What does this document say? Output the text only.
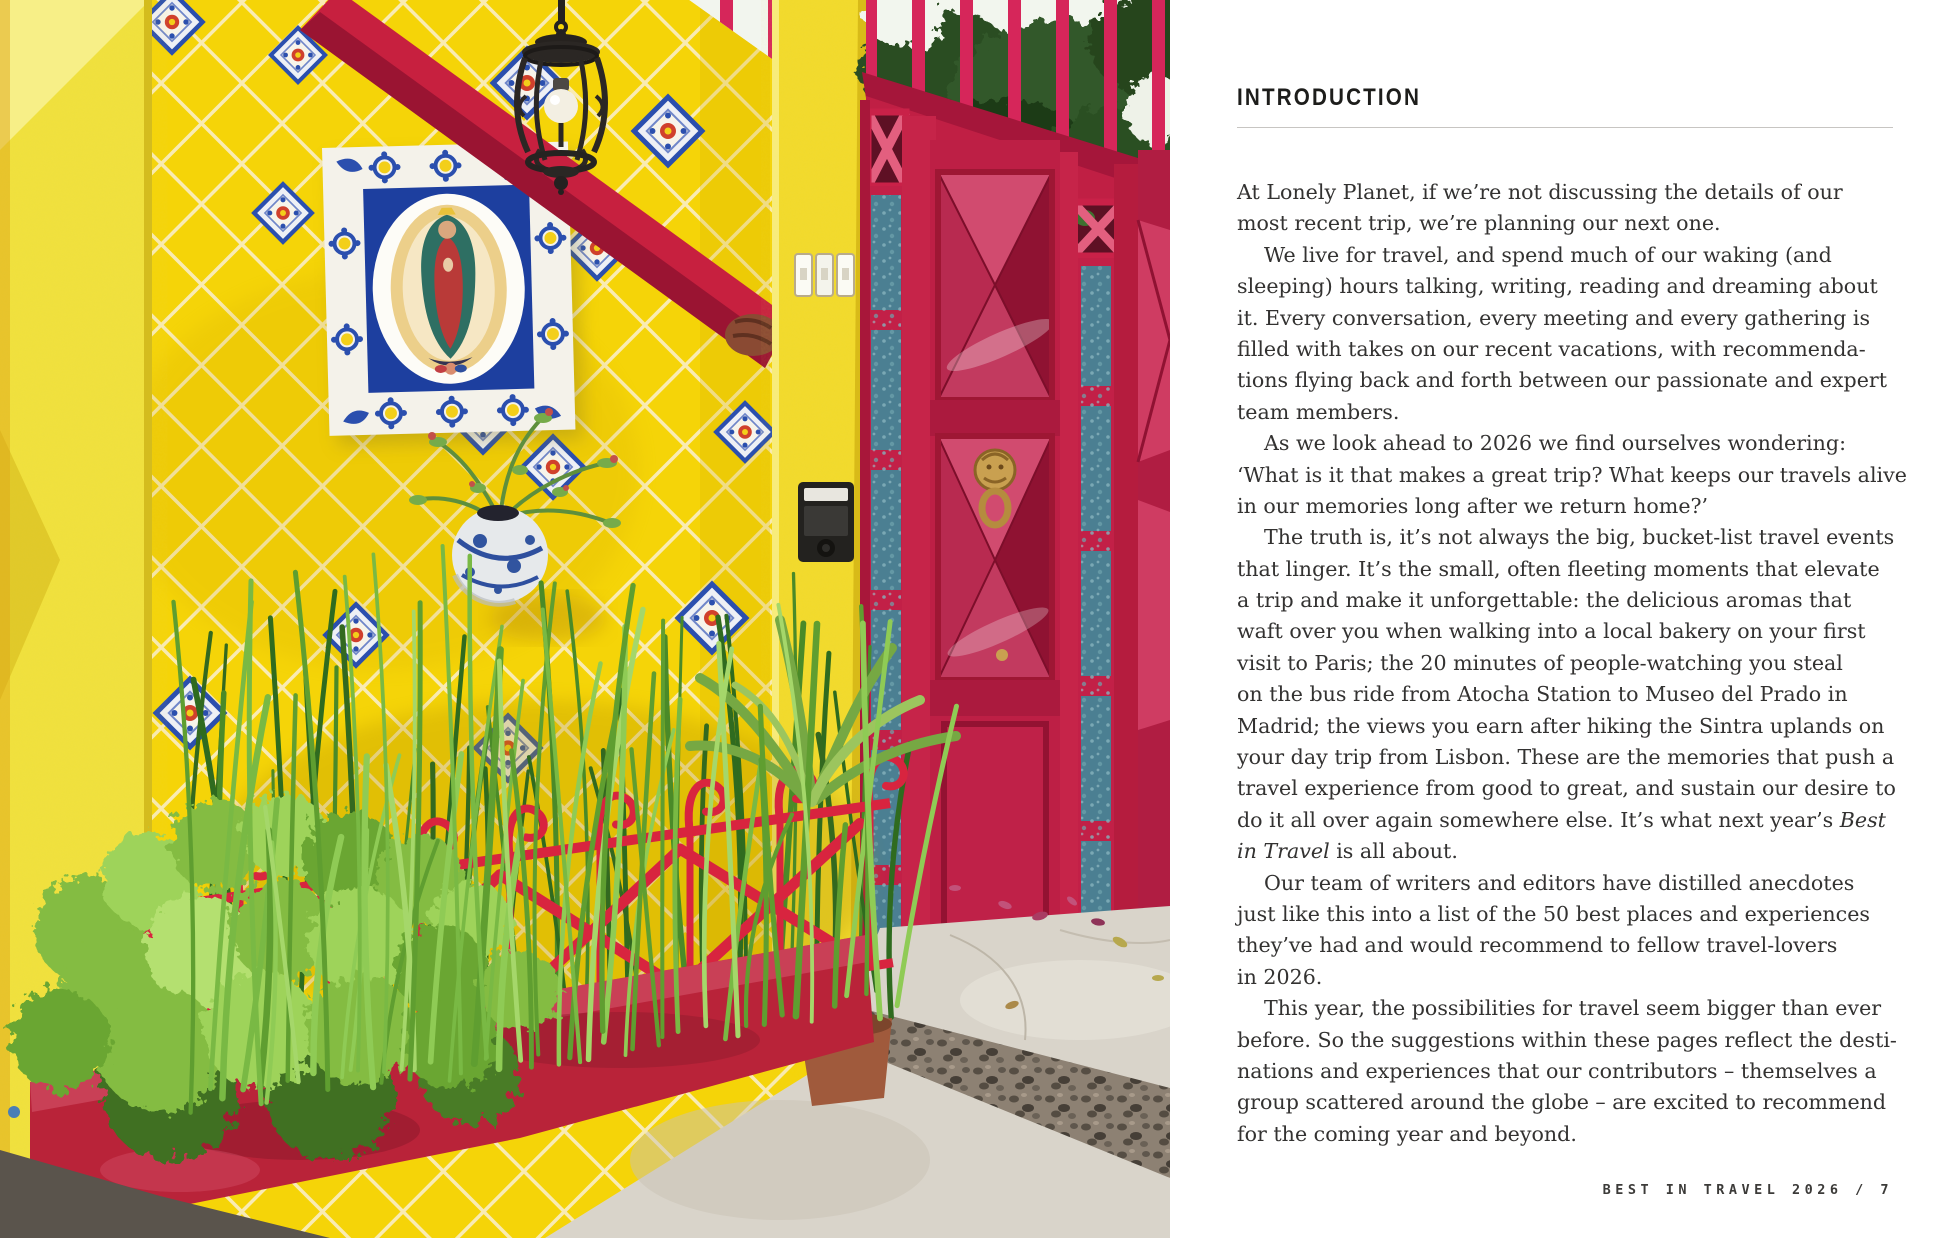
INTRODUCTION
At Lonely Planet, if we’re not discussing the details of our
most recent trip, we’re planning our next one.
We live for travel, and spend much of our waking (and
sleeping) hours talking, writing, reading and dreaming about
it. Every conversation, every meeting and every gathering is
filled with takes on our recent vacations, with recommenda-
tions flying back and forth between our passionate and expert
team members.
As we look ahead to 2026 we find ourselves wondering:
‘What is it that makes a great trip? What keeps our travels alive
in our memories long after we return home?’
The truth is, it’s not always the big, bucket-list travel events
that linger. It’s the small, often fleeting moments that elevate
a trip and make it unforgettable: the delicious aromas that
waft over you when walking into a local bakery on your first
visit to Paris; the 20 minutes of people-watching you steal
on the bus ride from Atocha Station to Museo del Prado in
Madrid; the views you earn after hiking the Sintra uplands on
your day trip from Lisbon. These are the memories that push a
travel experience from good to great, and sustain our desire to
do it all over again somewhere else. It’s what next year’s Best
in Travel is all about.
Our team of writers and editors have distilled anecdotes
just like this into a list of the 50 best places and experiences
they’ve had and would recommend to fellow travel-lovers
in 2026.
This year, the possibilities for travel seem bigger than ever
before. So the suggestions within these pages reflect the desti-
nations and experiences that our contributors – themselves a
group scattered around the globe – are excited to recommend
for the coming year and beyond.
BEST IN TRAVEL 2026 / 7
